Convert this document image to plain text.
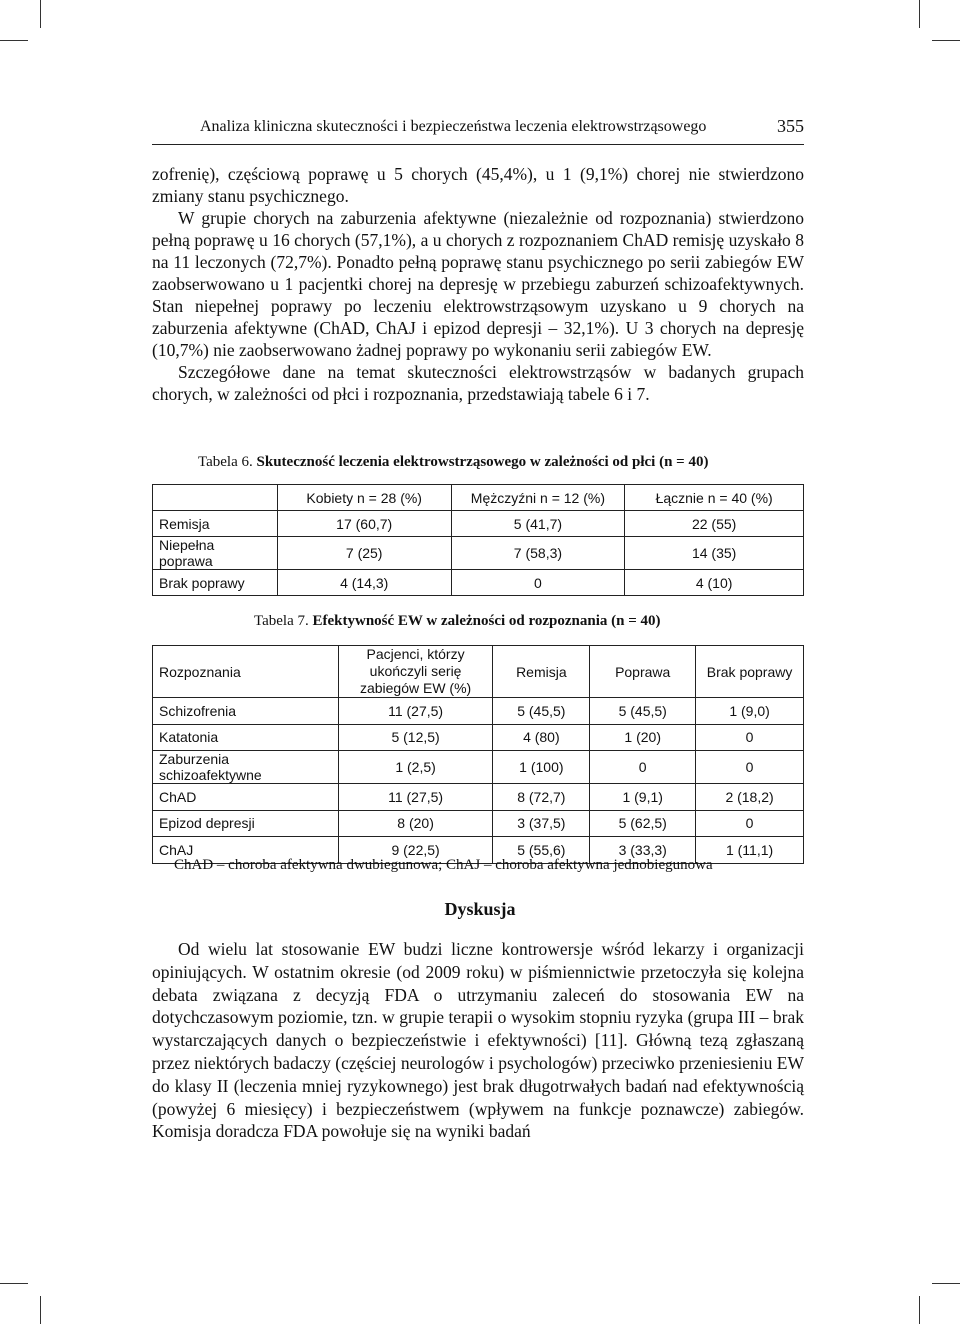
Analiza kliniczna skuteczności i bezpieczeństwa leczenia elektrowstrząsowego	355

zofrenię), częściową poprawę u 5 chorych (45,4%), u 1 (9,1%) chorej nie stwierdzono zmiany stanu psychicznego.

W grupie chorych na zaburzenia afektywne (niezależnie od rozpoznania) stwierdzono pełną poprawę u 16 chorych (57,1%), a u chorych z rozpoznaniem ChAD remisję uzyskało 8 na 11 leczonych (72,7%). Ponadto pełną poprawę stanu psychicznego po serii zabiegów EW zaobserwowano u 1 pacjentki chorej na depresję w przebiegu zaburzeń schizoafektywnych. Stan niepełnej poprawy po leczeniu elektrowstrząsowym uzyskano u 9 chorych na zaburzenia afektywne (ChAD, ChAJ i epizod depresji – 32,1%). U 3 chorych na depresję (10,7%) nie zaobserwowano żadnej poprawy po wykonaniu serii zabiegów EW.

Szczegółowe dane na temat skuteczności elektrowstrząsów w badanych grupach chorych, w zależności od płci i rozpoznania, przedstawiają tabele 6 i 7.

Tabela 6. Skuteczność leczenia elektrowstrząsowego w zależności od płci (n = 40)
	Kobiety n = 28 (%)	Mężczyźni n = 12 (%)	Łącznie n = 40 (%)
Remisja	17 (60,7)	5 (41,7)	22 (55)
Niepełna poprawa	7 (25)	7 (58,3)	14 (35)
Brak poprawy	4 (14,3)	0	4 (10)
Tabela 7. Efektywność EW w zależności od rozpoznania (n = 40)
Rozpoznania	Pacjenci, którzy ukończyli serię zabiegów EW (%)	Remisja	Poprawa	Brak poprawy
Schizofrenia	11 (27,5)	5 (45,5)	5 (45,5)	1 (9,0)
Katatonia	5 (12,5)	4 (80)	1 (20)	0
Zaburzenia schizoafektywne	1 (2,5)	1 (100)	0	0
ChAD	11 (27,5)	8 (72,7)	1 (9,1)	2 (18,2)
Epizod depresji	8 (20)	3 (37,5)	5 (62,5)	0
ChAJ	9 (22,5)	5 (55,6)	3 (33,3)	1 (11,1)
ChAD – choroba afektywna dwubiegunowa; ChAJ – choroba afektywna jednobiegunowa
Dyskusja

Od wielu lat stosowanie EW budzi liczne kontrowersje wśród lekarzy i organizacji opiniujących. W ostatnim okresie (od 2009 roku) w piśmiennictwie przetoczyła się kolejna debata związana z decyzją FDA o utrzymaniu zaleceń do stosowania EW na dotychczasowym poziomie, tzn. w grupie terapii o wysokim stopniu ryzyka (grupa III – brak wystarczających danych o bezpieczeństwie i efektywności) [11]. Główną tezą zgłaszaną przez niektórych badaczy (częściej neurologów i psychologów) przeciwko przeniesieniu EW do klasy II (leczenia mniej ryzykownego) jest brak długotrwałych badań nad efektywnością (powyżej 6 miesięcy) i bezpieczeństwem (wpływem na funkcje poznawcze) zabiegów. Komisja doradcza FDA powołuje się na wyniki badań
